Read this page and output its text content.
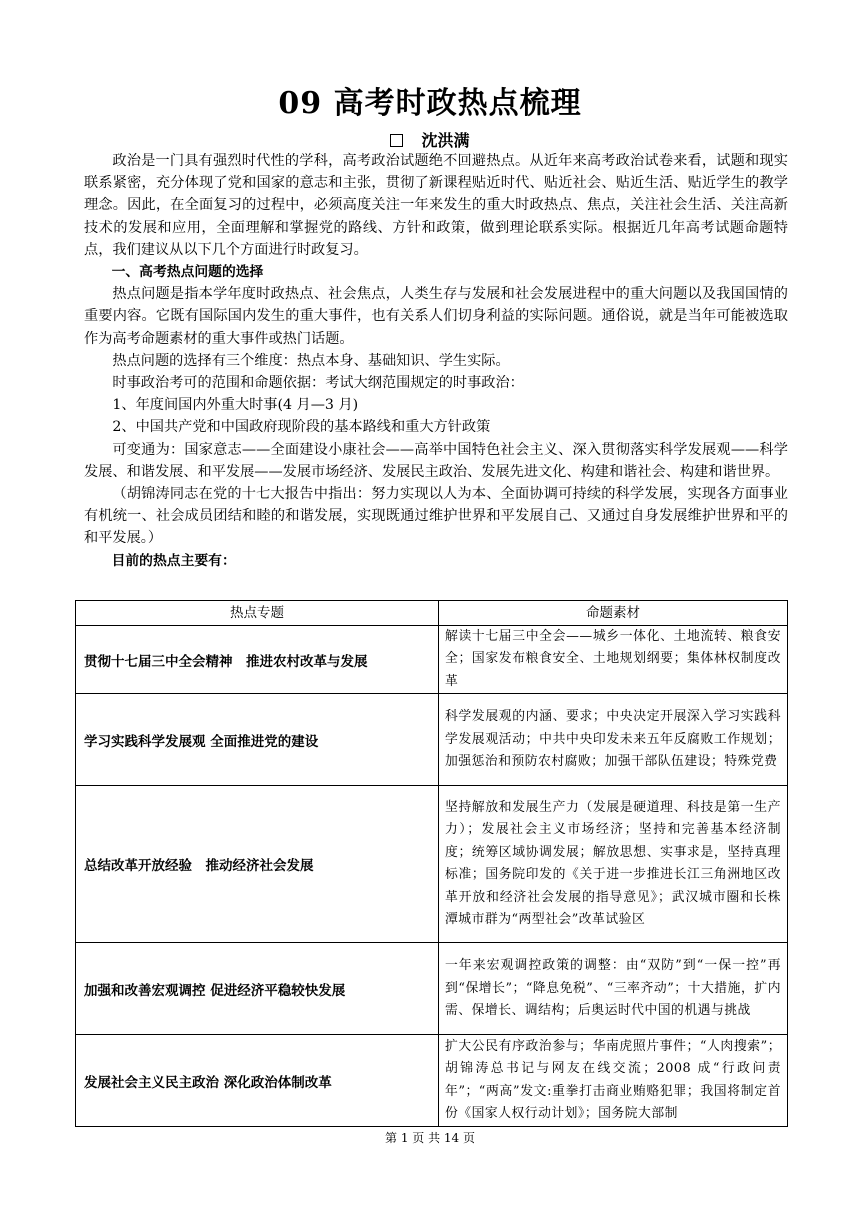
09 高考时政热点梳理
沈洪满

政治是一门具有强烈时代性的学科，高考政治试题绝不回避热点。从近年来高考政治试卷来看，试题和现实联系紧密，充分体现了党和国家的意志和主张，贯彻了新课程贴近时代、贴近社会、贴近生活、贴近学生的教学理念。因此，在全面复习的过程中，必须高度关注一年来发生的重大时政热点、焦点，关注社会生活、关注高新技术的发展和应用，全面理解和掌握党的路线、方针和政策，做到理论联系实际。根据近几年高考试题命题特点，我们建议从以下几个方面进行时政复习。

一、高考热点问题的选择

热点问题是指本学年度时政热点、社会焦点，人类生存与发展和社会发展进程中的重大问题以及我国国情的重要内容。它既有国际国内发生的重大事件，也有关系人们切身利益的实际问题。通俗说，就是当年可能被选取作为高考命题素材的重大事件或热门话题。

热点问题的选择有三个维度：热点本身、基础知识、学生实际。

时事政治考可的范围和命题依据：考试大纲范围规定的时事政治：

1、年度间国内外重大时事(4 月—3 月)

2、中国共产党和中国政府现阶段的基本路线和重大方针政策

可变通为：国家意志——全面建设小康社会——高举中国特色社会主义、深入贯彻落实科学发展观——科学发展、和谐发展、和平发展——发展市场经济、发展民主政治、发展先进文化、构建和谐社会、构建和谐世界。

（胡锦涛同志在党的十七大报告中指出：努力实现以人为本、全面协调可持续的科学发展，实现各方面事业有机统一、社会成员团结和睦的和谐发展，实现既通过维护世界和平发展自己、又通过自身发展维护世界和平的和平发展。）

目前的热点主要有：

热点专题	命题素材
贯彻十七届三中全会精神　推进农村改革与发展	解读十七届三中全会——城乡一体化、土地流转、粮食安全；国家发布粮食安全、土地规划纲要；集体林权制度改革
学习实践科学发展观 全面推进党的建设	科学发展观的内涵、要求；中央决定开展深入学习实践科学发展观活动；中共中央印发未来五年反腐败工作规划；加强惩治和预防农村腐败；加强干部队伍建设；特殊党费
总结改革开放经验　推动经济社会发展	坚持解放和发展生产力（发展是硬道理、科技是第一生产力）；发展社会主义市场经济；坚持和完善基本经济制度；统筹区域协调发展；解放思想、实事求是，坚持真理标准；国务院印发的《关于进一步推进长江三角洲地区改革开放和经济社会发展的指导意见》；武汉城市圈和长株潭城市群为“两型社会”改革试验区
加强和改善宏观调控 促进经济平稳较快发展	一年来宏观调控政策的调整：由“双防”到“一保一控”再到“保增长”；“降息免税”、“三率齐动”；十大措施，扩内需、保增长、调结构；后奥运时代中国的机遇与挑战
发展社会主义民主政治 深化政治体制改革	扩大公民有序政治参与；华南虎照片事件；“人肉搜索”；胡锦涛总书记与网友在线交流；2008 成“行政问责年”；“两高”发文:重拳打击商业贿赂犯罪；我国将制定首份《国家人权行动计划》；国务院大部制
第 1 页 共 14 页
